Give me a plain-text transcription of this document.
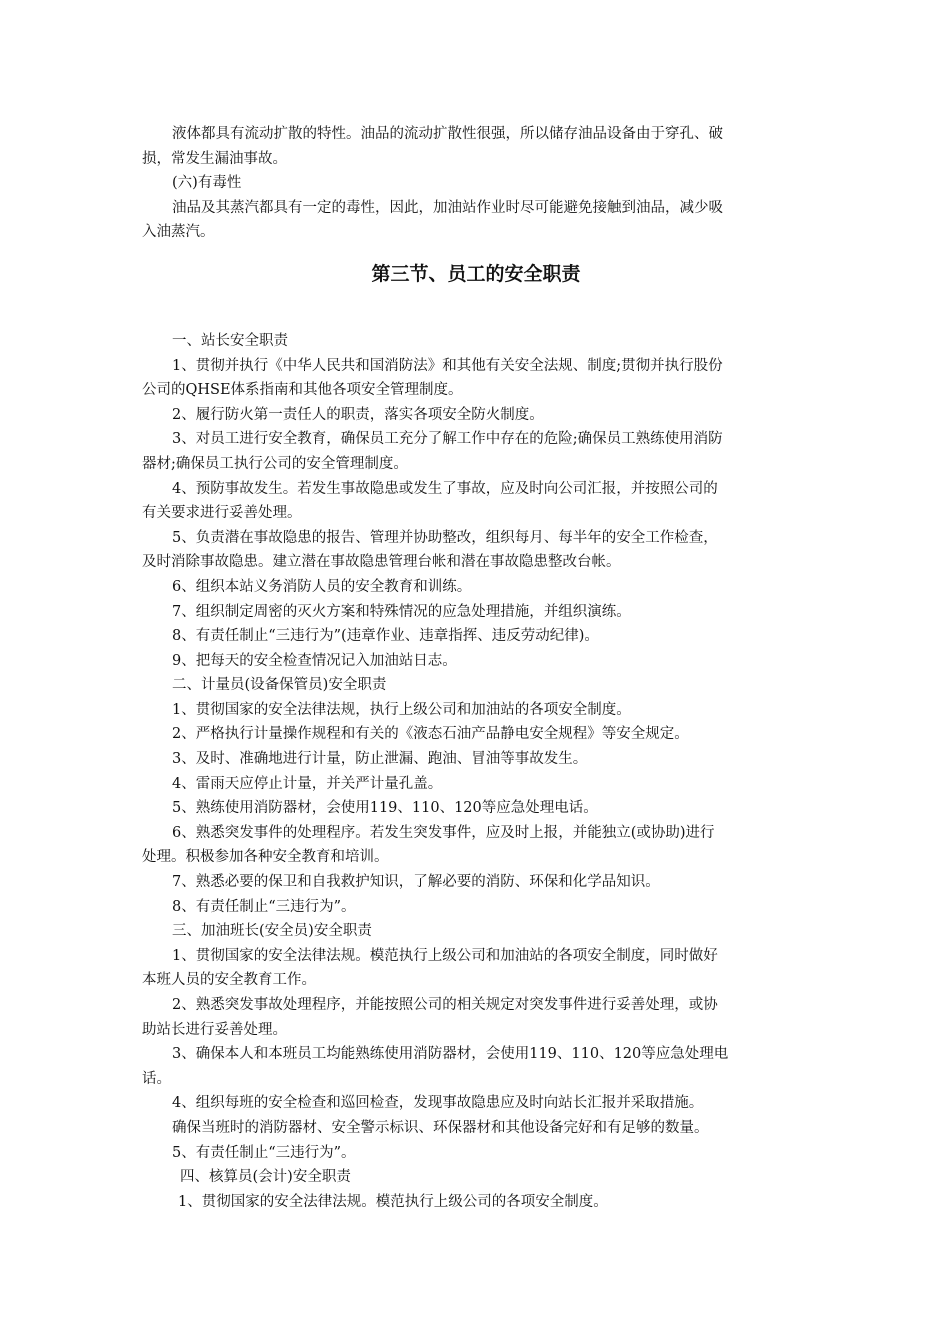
液体都具有流动扩散的特性。油品的流动扩散性很强，所以储存油品设备由于穿孔、破

损，常发生漏油事故。

(六)有毒性

油品及其蒸汽都具有一定的毒性，因此，加油站作业时尽可能避免接触到油品，减少吸

入油蒸汽。

第三节、员工的安全职责

一、站长安全职责

1、贯彻并执行《中华人民共和国消防法》和其他有关安全法规、制度;贯彻并执行股份

公司的QHSE体系指南和其他各项安全管理制度。

2、履行防火第一责任人的职责，落实各项安全防火制度。

3、对员工进行安全教育，确保员工充分了解工作中存在的危险;确保员工熟练使用消防

器材;确保员工执行公司的安全管理制度。

4、预防事故发生。若发生事故隐患或发生了事故，应及时向公司汇报，并按照公司的

有关要求进行妥善处理。

5、负责潜在事故隐患的报告、管理并协助整改，组织每月、每半年的安全工作检查，

及时消除事故隐患。建立潜在事故隐患管理台帐和潜在事故隐患整改台帐。

6、组织本站义务消防人员的安全教育和训练。

7、组织制定周密的灭火方案和特殊情况的应急处理措施，并组织演练。

8、有责任制止“三违行为”(违章作业、违章指挥、违反劳动纪律)。

9、把每天的安全检查情况记入加油站日志。

二、计量员(设备保管员)安全职责

1、贯彻国家的安全法律法规，执行上级公司和加油站的各项安全制度。

2、严格执行计量操作规程和有关的《液态石油产品静电安全规程》等安全规定。

3、及时、准确地进行计量，防止泄漏、跑油、冒油等事故发生。

4、雷雨天应停止计量，并关严计量孔盖。

5、熟练使用消防器材，会使用119、110、120等应急处理电话。

6、熟悉突发事件的处理程序。若发生突发事件，应及时上报，并能独立(或协助)进行

处理。积极参加各种安全教育和培训。

7、熟悉必要的保卫和自我救护知识，了解必要的消防、环保和化学品知识。

8、有责任制止“三违行为”。

三、加油班长(安全员)安全职责

1、贯彻国家的安全法律法规。模范执行上级公司和加油站的各项安全制度，同时做好

本班人员的安全教育工作。

2、熟悉突发事故处理程序，并能按照公司的相关规定对突发事件进行妥善处理，或协

助站长进行妥善处理。

3、确保本人和本班员工均能熟练使用消防器材，会使用119、110、120等应急处理电

话。

4、组织每班的安全检查和巡回检查，发现事故隐患应及时向站长汇报并采取措施。

确保当班时的消防器材、安全警示标识、环保器材和其他设备完好和有足够的数量。

5、有责任制止“三违行为”。

四、核算员(会计)安全职责

1、贯彻国家的安全法律法规。模范执行上级公司的各项安全制度。
